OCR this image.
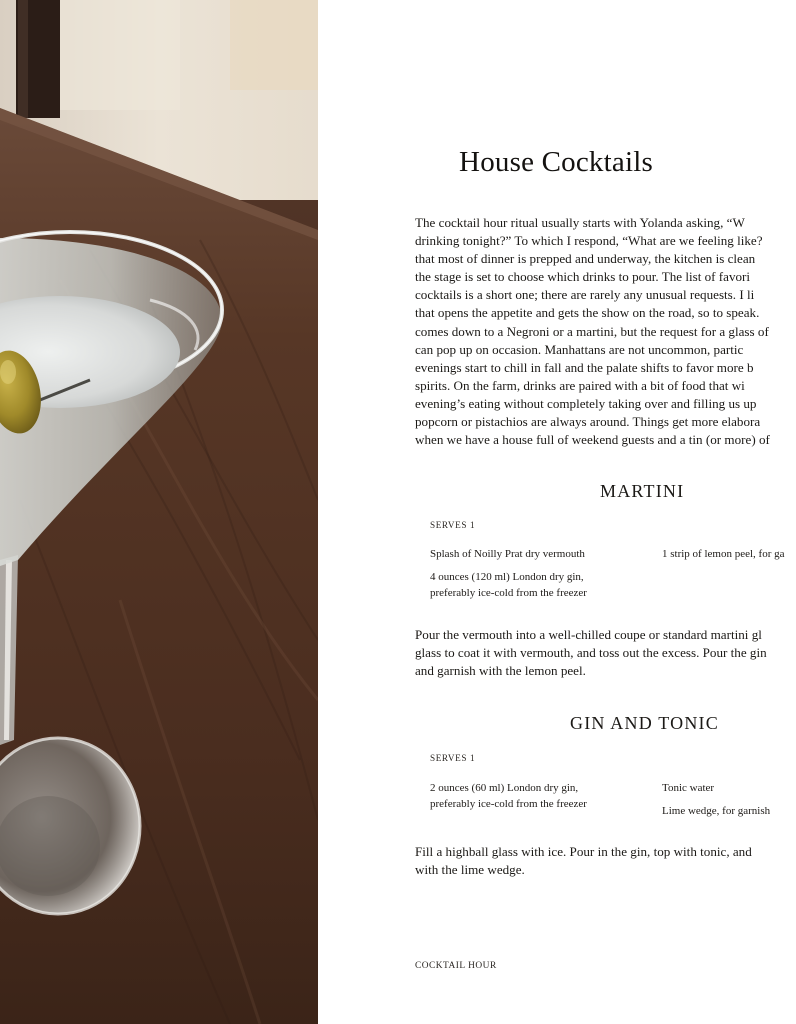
House Cocktails
The cocktail hour ritual usually starts with Yolanda asking, “W
drinking tonight?” To which I respond, “What are we feeling like?
that most of dinner is prepped and underway, the kitchen is clean
the stage is set to choose which drinks to pour. The list of favori
cocktails is a short one; there are rarely any unusual requests. I li
that opens the appetite and gets the show on the road, so to speak.
comes down to a Negroni or a martini, but the request for a glass of
can pop up on occasion. Manhattans are not uncommon, partic
evenings start to chill in fall and the palate shifts to favor more b
spirits. On the farm, drinks are paired with a bit of food that wi
evening’s eating without completely taking over and filling us up
popcorn or pistachios are always around. Things get more elabora
when we have a house full of weekend guests and a tin (or more) of
MARTINI
SERVES 1
Splash of Noilly Prat dry vermouth
4 ounces (120 ml) London dry gin,
preferably ice-cold from the freezer
1 strip of lemon peel, for ga
Pour the vermouth into a well-chilled coupe or standard martini gl
glass to coat it with vermouth, and toss out the excess. Pour the gin
and garnish with the lemon peel.
GIN AND TONIC
SERVES 1
2 ounces (60 ml) London dry gin,
preferably ice-cold from the freezer
Tonic water
Lime wedge, for garnish
Fill a highball glass with ice. Pour in the gin, top with tonic, and
with the lime wedge.
COCKTAIL HOUR
